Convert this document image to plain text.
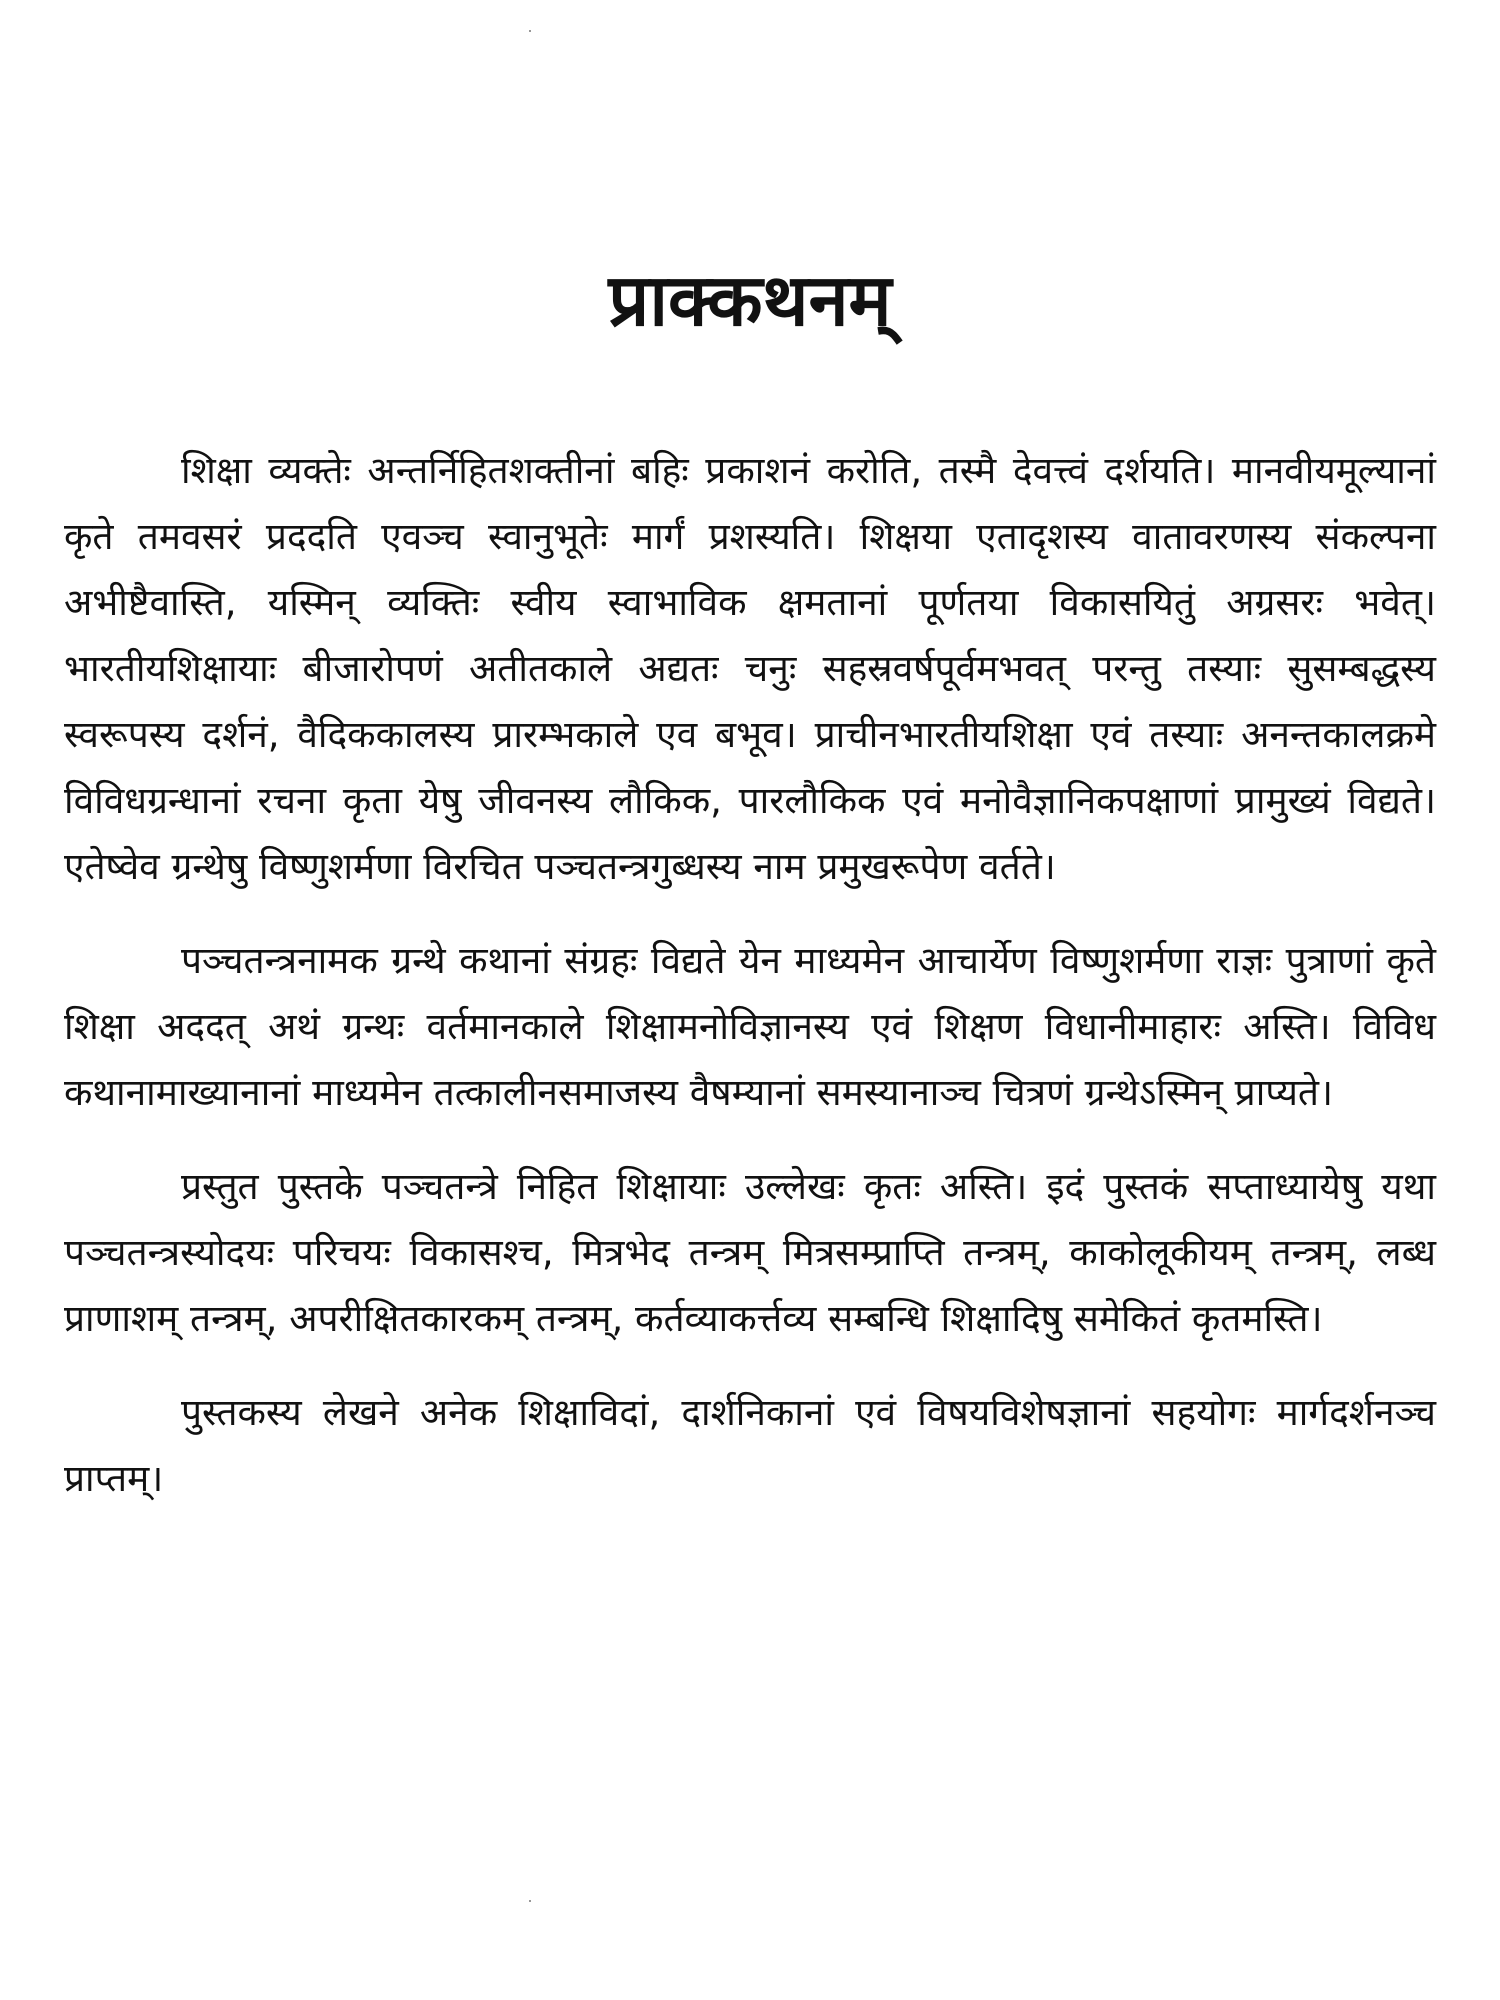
प्राक्कथनम्

शिक्षा व्यक्तेः अन्तर्निहितशक्तीनां बहिः प्रकाशनं करोति, तस्मै देवत्त्वं दर्शयति। मानवीयमूल्यानां कृते तमवसरं प्रददति एवञ्च स्वानुभूतेः मार्गं प्रशस्यति। शिक्षया एतादृशस्य वातावरणस्य संकल्पना अभीष्टैवास्ति, यस्मिन् व्यक्तिः स्वीय स्वाभाविक क्षमतानां पूर्णतया विकासयितुं अग्रसरः भवेत्। भारतीयशिक्षायाः बीजारोपणं अतीतकाले अद्यतः चनुः सहस्रवर्षपूर्वमभवत् परन्तु तस्याः सुसम्बद्धस्य स्वरूपस्य दर्शनं, वैदिककालस्य प्रारम्भकाले एव बभूव। प्राचीनभारतीयशिक्षा एवं तस्याः अनन्तकालक्रमे विविधग्रन्धानां रचना कृता येषु जीवनस्य लौकिक, पारलौकिक एवं मनोवैज्ञानिकपक्षाणां प्रामुख्यं विद्यते। एतेष्वेव ग्रन्थेषु विष्णुशर्मणा विरचित पञ्चतन्त्रगुब्धस्य नाम प्रमुखरूपेण वर्तते।

पञ्चतन्त्रनामक ग्रन्थे कथानां संग्रहः विद्यते येन माध्यमेन आचार्येण विष्णुशर्मणा राज्ञः पुत्राणां कृते शिक्षा अददत् अथं ग्रन्थः वर्तमानकाले शिक्षामनोविज्ञानस्य एवं शिक्षण विधानीमाहारः अस्ति। विविध कथानामाख्यानानां माध्यमेन तत्कालीनसमाजस्य वैषम्यानां समस्यानाञ्च चित्रणं ग्रन्थेऽस्मिन् प्राप्यते।

प्रस्तुत पुस्तके पञ्चतन्त्रे निहित शिक्षायाः उल्लेखः कृतः अस्ति। इदं पुस्तकं सप्ताध्यायेषु यथा पञ्चतन्त्रस्योदयः परिचयः विकासश्च, मित्रभेद तन्त्रम् मित्रसम्प्राप्ति तन्त्रम्, काकोलूकीयम् तन्त्रम्, लब्ध प्राणाशम् तन्त्रम्, अपरीक्षितकारकम् तन्त्रम्, कर्तव्याकर्त्तव्य सम्बन्धि शिक्षादिषु समेकितं कृतमस्ति।

पुस्तकस्य लेखने अनेक शिक्षाविदां, दार्शनिकानां एवं विषयविशेषज्ञानां सहयोगः मार्गदर्शनञ्च प्राप्तम्।
